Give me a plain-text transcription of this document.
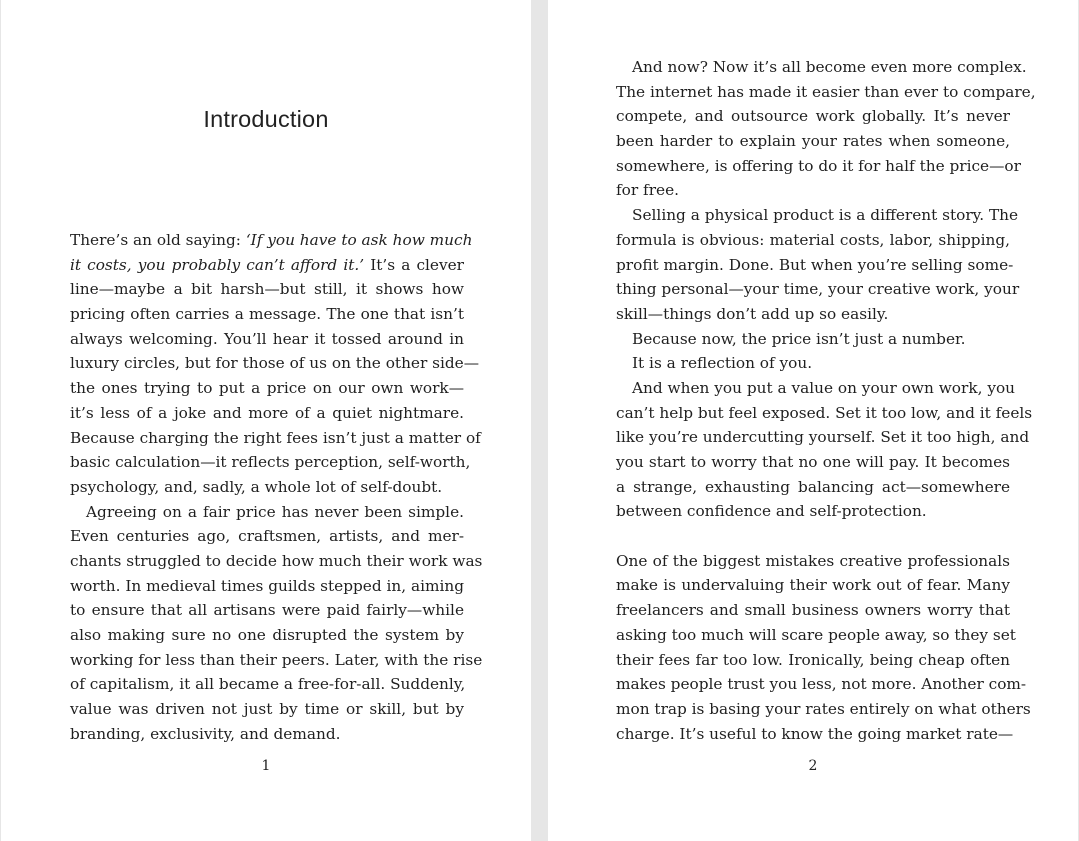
Introduction
There’s an old saying: ‘If you have to ask how much
it costs, you probably can’t afford it.’ It’s a clever
line—maybe a bit harsh—but still, it shows how
pricing often carries a message. The one that isn’t
always welcoming. You’ll hear it tossed around in
luxury circles, but for those of us on the other side—
the ones trying to put a price on our own work—
it’s less of a joke and more of a quiet nightmare.
Because charging the right fees isn’t just a matter of
basic calculation—it reflects perception, self-worth,
psychology, and, sadly, a whole lot of self-doubt.
Agreeing on a fair price has never been simple.
Even centuries ago, craftsmen, artists, and mer-
chants struggled to decide how much their work was
worth. In medieval times guilds stepped in, aiming
to ensure that all artisans were paid fairly—while
also making sure no one disrupted the system by
working for less than their peers. Later, with the rise
of capitalism, it all became a free-for-all. Suddenly,
value was driven not just by time or skill, but by
branding, exclusivity, and demand.
1
And now? Now it’s all become even more complex.
The internet has made it easier than ever to compare,
compete, and outsource work globally. It’s never
been harder to explain your rates when someone,
somewhere, is offering to do it for half the price—or
for free.
Selling a physical product is a different story. The
formula is obvious: material costs, labor, shipping,
profit margin. Done. But when you’re selling some-
thing personal—your time, your creative work, your
skill—things don’t add up so easily.
Because now, the price isn’t just a number.
It is a reflection of you.
And when you put a value on your own work, you
can’t help but feel exposed. Set it too low, and it feels
like you’re undercutting yourself. Set it too high, and
you start to worry that no one will pay. It becomes
a strange, exhausting balancing act—somewhere
between confidence and self-protection.
One of the biggest mistakes creative professionals
make is undervaluing their work out of fear. Many
freelancers and small business owners worry that
asking too much will scare people away, so they set
their fees far too low. Ironically, being cheap often
makes people trust you less, not more. Another com-
mon trap is basing your rates entirely on what others
charge. It’s useful to know the going market rate—
2
